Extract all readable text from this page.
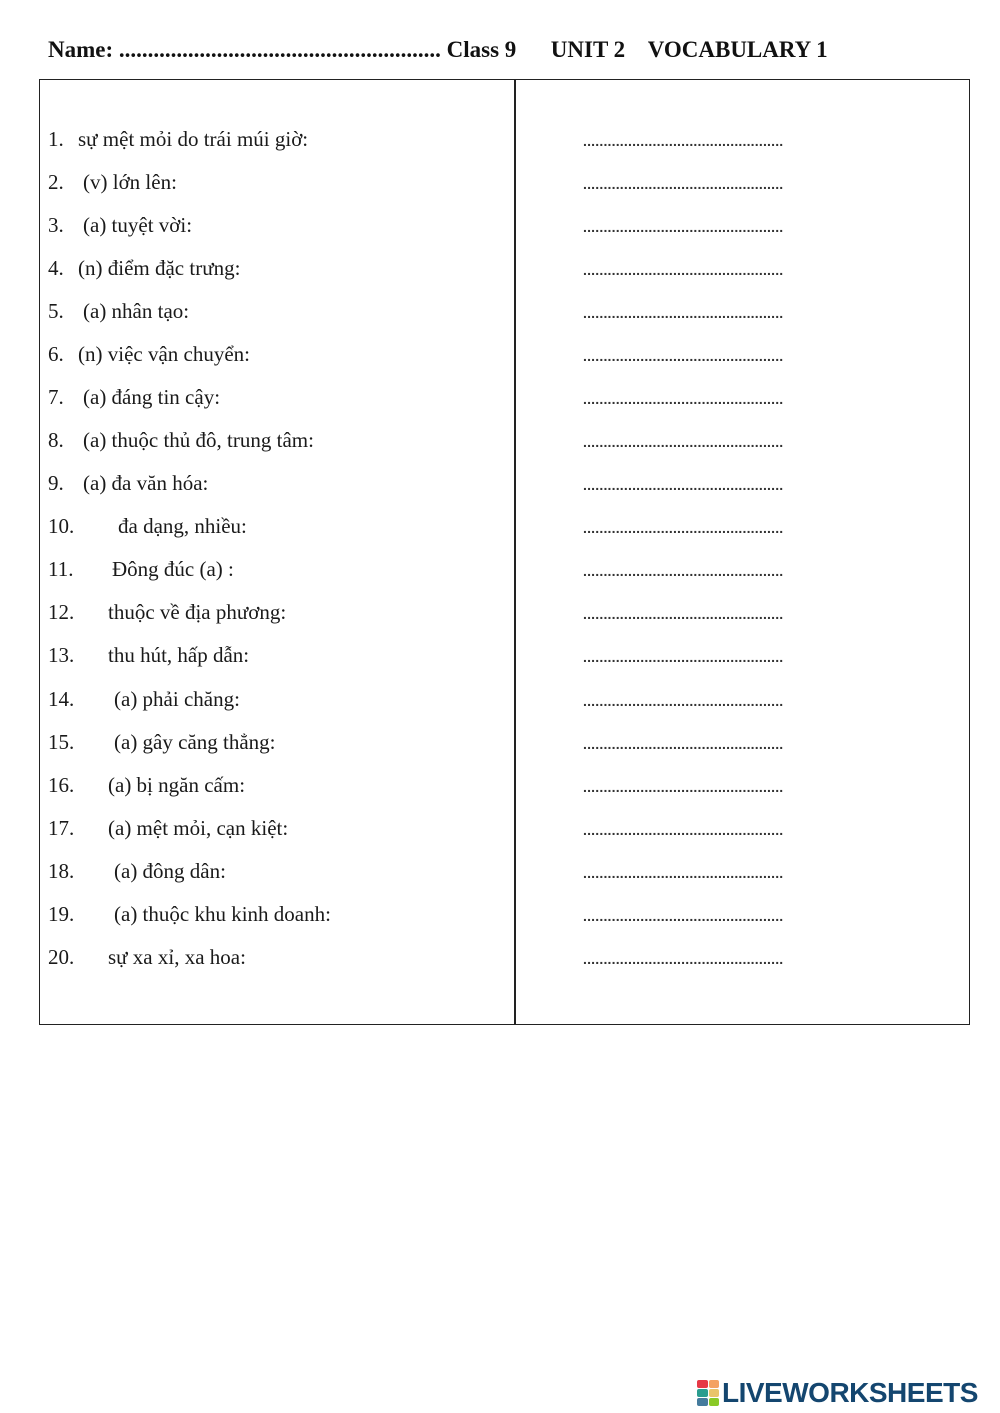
Name: ........................................................ Class 9      UNIT 2    VOCABULARY 1
1. sự mệt mỏi do trái múi giờ:	.................................................
2. (v) lớn lên:	.................................................
3. (a) tuyệt vời:	.................................................
4. (n) điểm đặc trưng:	.................................................
5. (a) nhân tạo:	.................................................
6. (n) việc vận chuyển:	.................................................
7. (a) đáng tin cậy:	.................................................
8. (a) thuộc thủ đô, trung tâm:	.................................................
9. (a) đa văn hóa:	.................................................
10. đa dạng, nhiều:	.................................................
11. Đông đúc (a) :	.................................................
12. thuộc về địa phương:	.................................................
13. thu hút, hấp dẫn:	.................................................
14. (a) phải chăng:	.................................................
15. (a) gây căng thẳng:	.................................................
16. (a) bị ngăn cấm:	.................................................
17. (a) mệt mỏi, cạn kiệt:	.................................................
18. (a) đông dân:	.................................................
19. (a) thuộc khu kinh doanh:	.................................................
20. sự xa xỉ, xa hoa:	.................................................
LIVEWORKSHEETS
